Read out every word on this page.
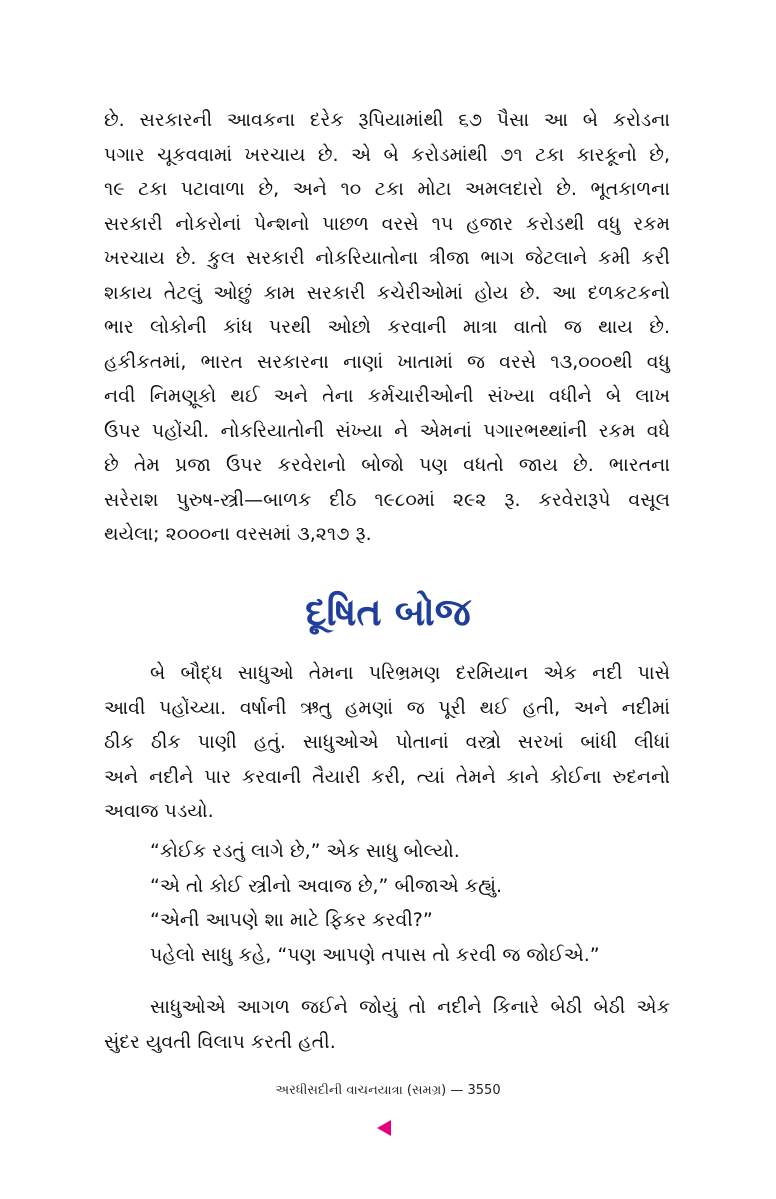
છે. સરકારની આવકના દરેક રૂપિયામાંથી ૬૭ પૈસા આ બે કરોડના

પગાર ચૂકવવામાં ખરચાય છે. એ બે કરોડમાંથી ૭૧ ટકા કારકૂનો છે,

૧૯ ટકા પટાવાળા છે, અને ૧૦ ટકા મોટા અમલદારો છે. ભૂતકાળના

સરકારી નોકરોનાં પેન્શનો પાછળ વરસે ૧૫ હજાર કરોડથી વધુ રકમ

ખરચાય છે. કુલ સરકારી નોકરિયાતોના ત્રીજા ભાગ જેટલાને કમી કરી

શકાય તેટલું ઓછું કામ સરકારી કચેરીઓમાં હોય છે. આ દળકટકનો

ભાર લોકોની કાંધ પરથી ઓછો કરવાની માત્રા વાતો જ થાય છે.

હકીકતમાં, ભારત સરકારના નાણાં ખાતામાં જ વરસે ૧૩,૦૦૦થી વધુ

નવી નિમણૂકો થઈ અને તેના કર્મચારીઓની સંખ્યા વધીને બે લાખ

ઉપર પહોંચી. નોકરિયાતોની સંખ્યા ને એમનાં પગારભથ્થાંની રકમ વધે

છે તેમ પ્રજા ઉપર કરવેરાનો બોજો પણ વધતો જાય છે. ભારતના

સરેરાશ પુરુષ-સ્ત્રી—બાળક દીઠ ૧૯૮૦માં ૨૯૨ રૂ. કરવેરારૂપે વસૂલ

થયેલા; ૨૦૦૦ના વરસમાં ૩,૨૧૭ રૂ.

દૂષિત બોજ

બે બૌદ્ધ સાધુઓ તેમના પરિભ્રમણ દરમિયાન એક નદી પાસે

આવી પહોંચ્યા. વર્ષાની ઋતુ હમણાં જ પૂરી થઈ હતી, અને નદીમાં

ઠીક ઠીક પાણી હતું. સાધુઓએ પોતાનાં વસ્ત્રો સરખાં બાંધી લીધાં

અને નદીને પાર કરવાની તૈયારી કરી, ત્યાં તેમને કાને કોઈના રુદનનો

અવાજ પડયો.

“કોઈક રડતું લાગે છે,” એક સાધુ બોલ્યો.

“એ તો કોઈ સ્ત્રીનો અવાજ છે,” બીજાએ કહ્યું.

“એની આપણે શા માટે ફિકર કરવી?”

પહેલો સાધુ કહે, “પણ આપણે તપાસ તો કરવી જ જોઈએ.”

સાધુઓએ આગળ જઈને જોયું તો નદીને કિનારે બેઠી બેઠી એક

સુંદર યુવતી વિલાપ કરતી હતી.

અરધીસદીની વાચનયાત્રા (સમગ્ર) — 3550
